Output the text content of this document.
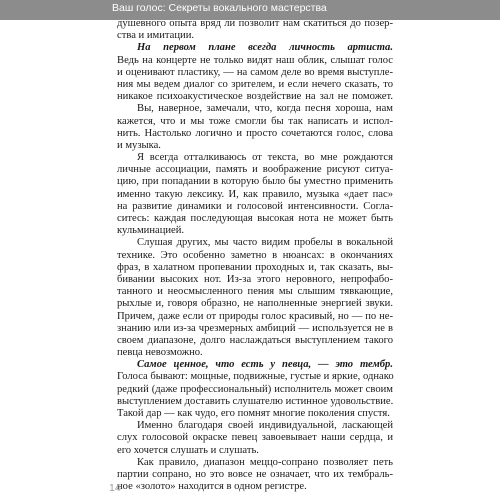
Ваш голос: Секреты вокального мастерства
душевного опыта вряд ли позволит нам скатиться до позер-
ства и имитации.
На первом плане всегда личность артиста.
Ведь на концерте не только видят наш облик, слышат голос
и оценивают пластику, — на самом деле во время выступле-
ния мы ведем диалог со зрителем, и если нечего сказать, то
никакое психоакустическое воздействие на зал не поможет.
Вы, наверное, замечали, что, когда песня хороша, нам
кажется, что и мы тоже смогли бы так написать и испол-
нить. Настолько логично и просто сочетаются голос, слова
и музыка.
Я всегда отталкиваюсь от текста, во мне рождаются
личные ассоциации, память и воображение рисуют ситуа-
цию, при попадании в которую было бы уместно применить
именно такую лексику. И, как правило, музыка «дает пас»
на развитие динамики и голосовой интенсивности. Согла-
ситесь: каждая последующая высокая нота не может быть
кульминацией.
Слушая других, мы часто видим пробелы в вокальной
технике. Это особенно заметно в нюансах: в окончаниях
фраз, в халатном пропевании проходных и, так сказать, вы-
бивании высоких нот. Из-за этого неровного, непрофабо-
танного и неосмысленного пения мы слышим тявкающие,
рыхлые и, говоря образно, не наполненные энергией звуки.
Причем, даже если от природы голос красивый, но — по не-
знанию или из-за чрезмерных амбиций — используется не в
своем диапазоне, долго наслаждаться выступлением такого
певца невозможно.
Самое ценное, что есть у певца, — это тембр.
Голоса бывают: мощные, подвижные, густые и яркие, однако
редкий (даже профессиональный) исполнитель может своим
выступлением доставить слушателю истинное удовольствие.
Такой дар — как чудо, его помнят многие поколения спустя.
Именно благодаря своей индивидуальной, ласкающей
слух голосовой окраске певец завоевывает наши сердца, и
его хочется слушать и слушать.
Как правило, диапазон меццо-сопрано позволяет петь
партии сопрано, но это вовсе не означает, что их тембраль-
ное «золото» находится в одном регистре.
14
